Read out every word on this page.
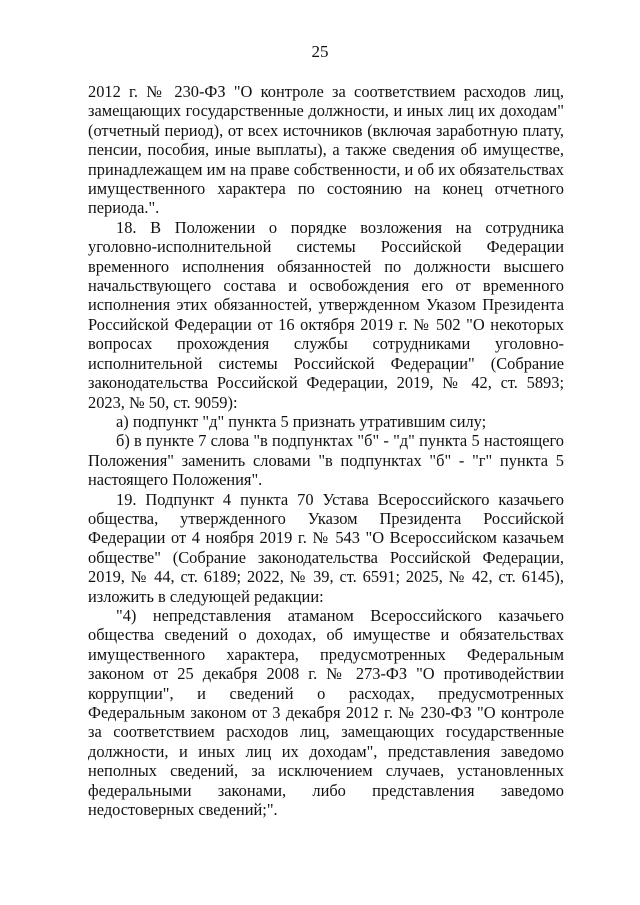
25

2012 г. № 230-ФЗ "О контроле за соответствием расходов лиц, замещающих государственные должности, и иных лиц их доходам" (отчетный период), от всех источников (включая заработную плату, пенсии, пособия, иные выплаты), а также сведения об имуществе, принадлежащем им на праве собственности, и об их обязательствах имущественного характера по состоянию на конец отчетного периода.".

18. В Положении о порядке возложения на сотрудника уголовно-исполнительной системы Российской Федерации временного исполнения обязанностей по должности высшего начальствующего состава и освобождения его от временного исполнения этих обязанностей, утвержденном Указом Президента Российской Федерации от 16 октября 2019 г. № 502 "О некоторых вопросах прохождения службы сотрудниками уголовно-исполнительной системы Российской Федерации" (Собрание законодательства Российской Федерации, 2019, № 42, ст. 5893; 2023, № 50, ст. 9059):

а) подпункт "д" пункта 5 признать утратившим силу;

б) в пункте 7 слова "в подпунктах "б" - "д" пункта 5 настоящего Положения" заменить словами "в подпунктах "б" - "г" пункта 5 настоящего Положения".

19. Подпункт 4 пункта 70 Устава Всероссийского казачьего общества, утвержденного Указом Президента Российской Федерации от 4 ноября 2019 г. № 543 "О Всероссийском казачьем обществе" (Собрание законодательства Российской Федерации, 2019, № 44, ст. 6189; 2022, № 39, ст. 6591; 2025, № 42, ст. 6145), изложить в следующей редакции:

"4) непредставления атаманом Всероссийского казачьего общества сведений о доходах, об имуществе и обязательствах имущественного характера, предусмотренных Федеральным законом от 25 декабря 2008 г. № 273-ФЗ "О противодействии коррупции", и сведений о расходах, предусмотренных Федеральным законом от 3 декабря 2012 г. № 230-ФЗ "О контроле за соответствием расходов лиц, замещающих государственные должности, и иных лиц их доходам", представления заведомо неполных сведений, за исключением случаев, установленных федеральными законами, либо представления заведомо недостоверных сведений;".
